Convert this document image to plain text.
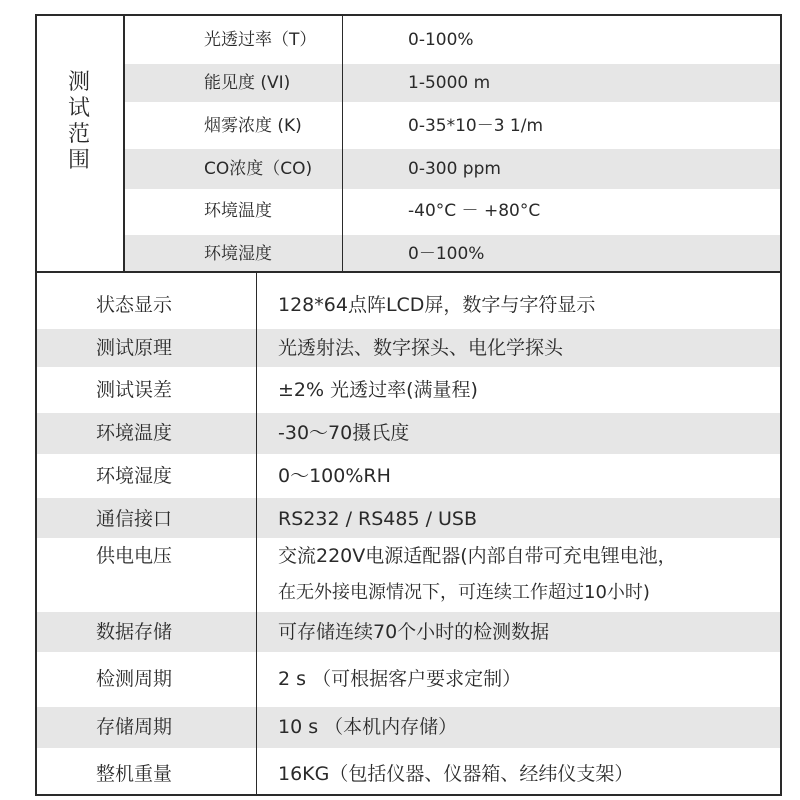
测
试
范
围
光透过率（T）	0-100%
能见度 (VI)	1-5000 m
烟雾浓度 (K)	0-35*10－3 1/m
CO浓度（CO)	0-300 ppm
环境温度	-40°C － +80°C
环境湿度	0－100%
状态显示	128*64点阵LCD屏，数字与字符显示
测试原理	光透射法、数字探头、电化学探头
测试误差	±2% 光透过率(满量程)
环境温度	-30～70摄氏度
环境湿度	0～100%RH
通信接口	RS232 / RS485 / USB
供电电压	交流220V电源适配器(内部自带可充电锂电池，
在无外接电源情况下，可连续工作超过10小时)
数据存储	可存储连续70个小时的检测数据
检测周期	2 s （可根据客户要求定制）
存储周期	10 s （本机内存储）
整机重量	16KG（包括仪器、仪器箱、经纬仪支架）
